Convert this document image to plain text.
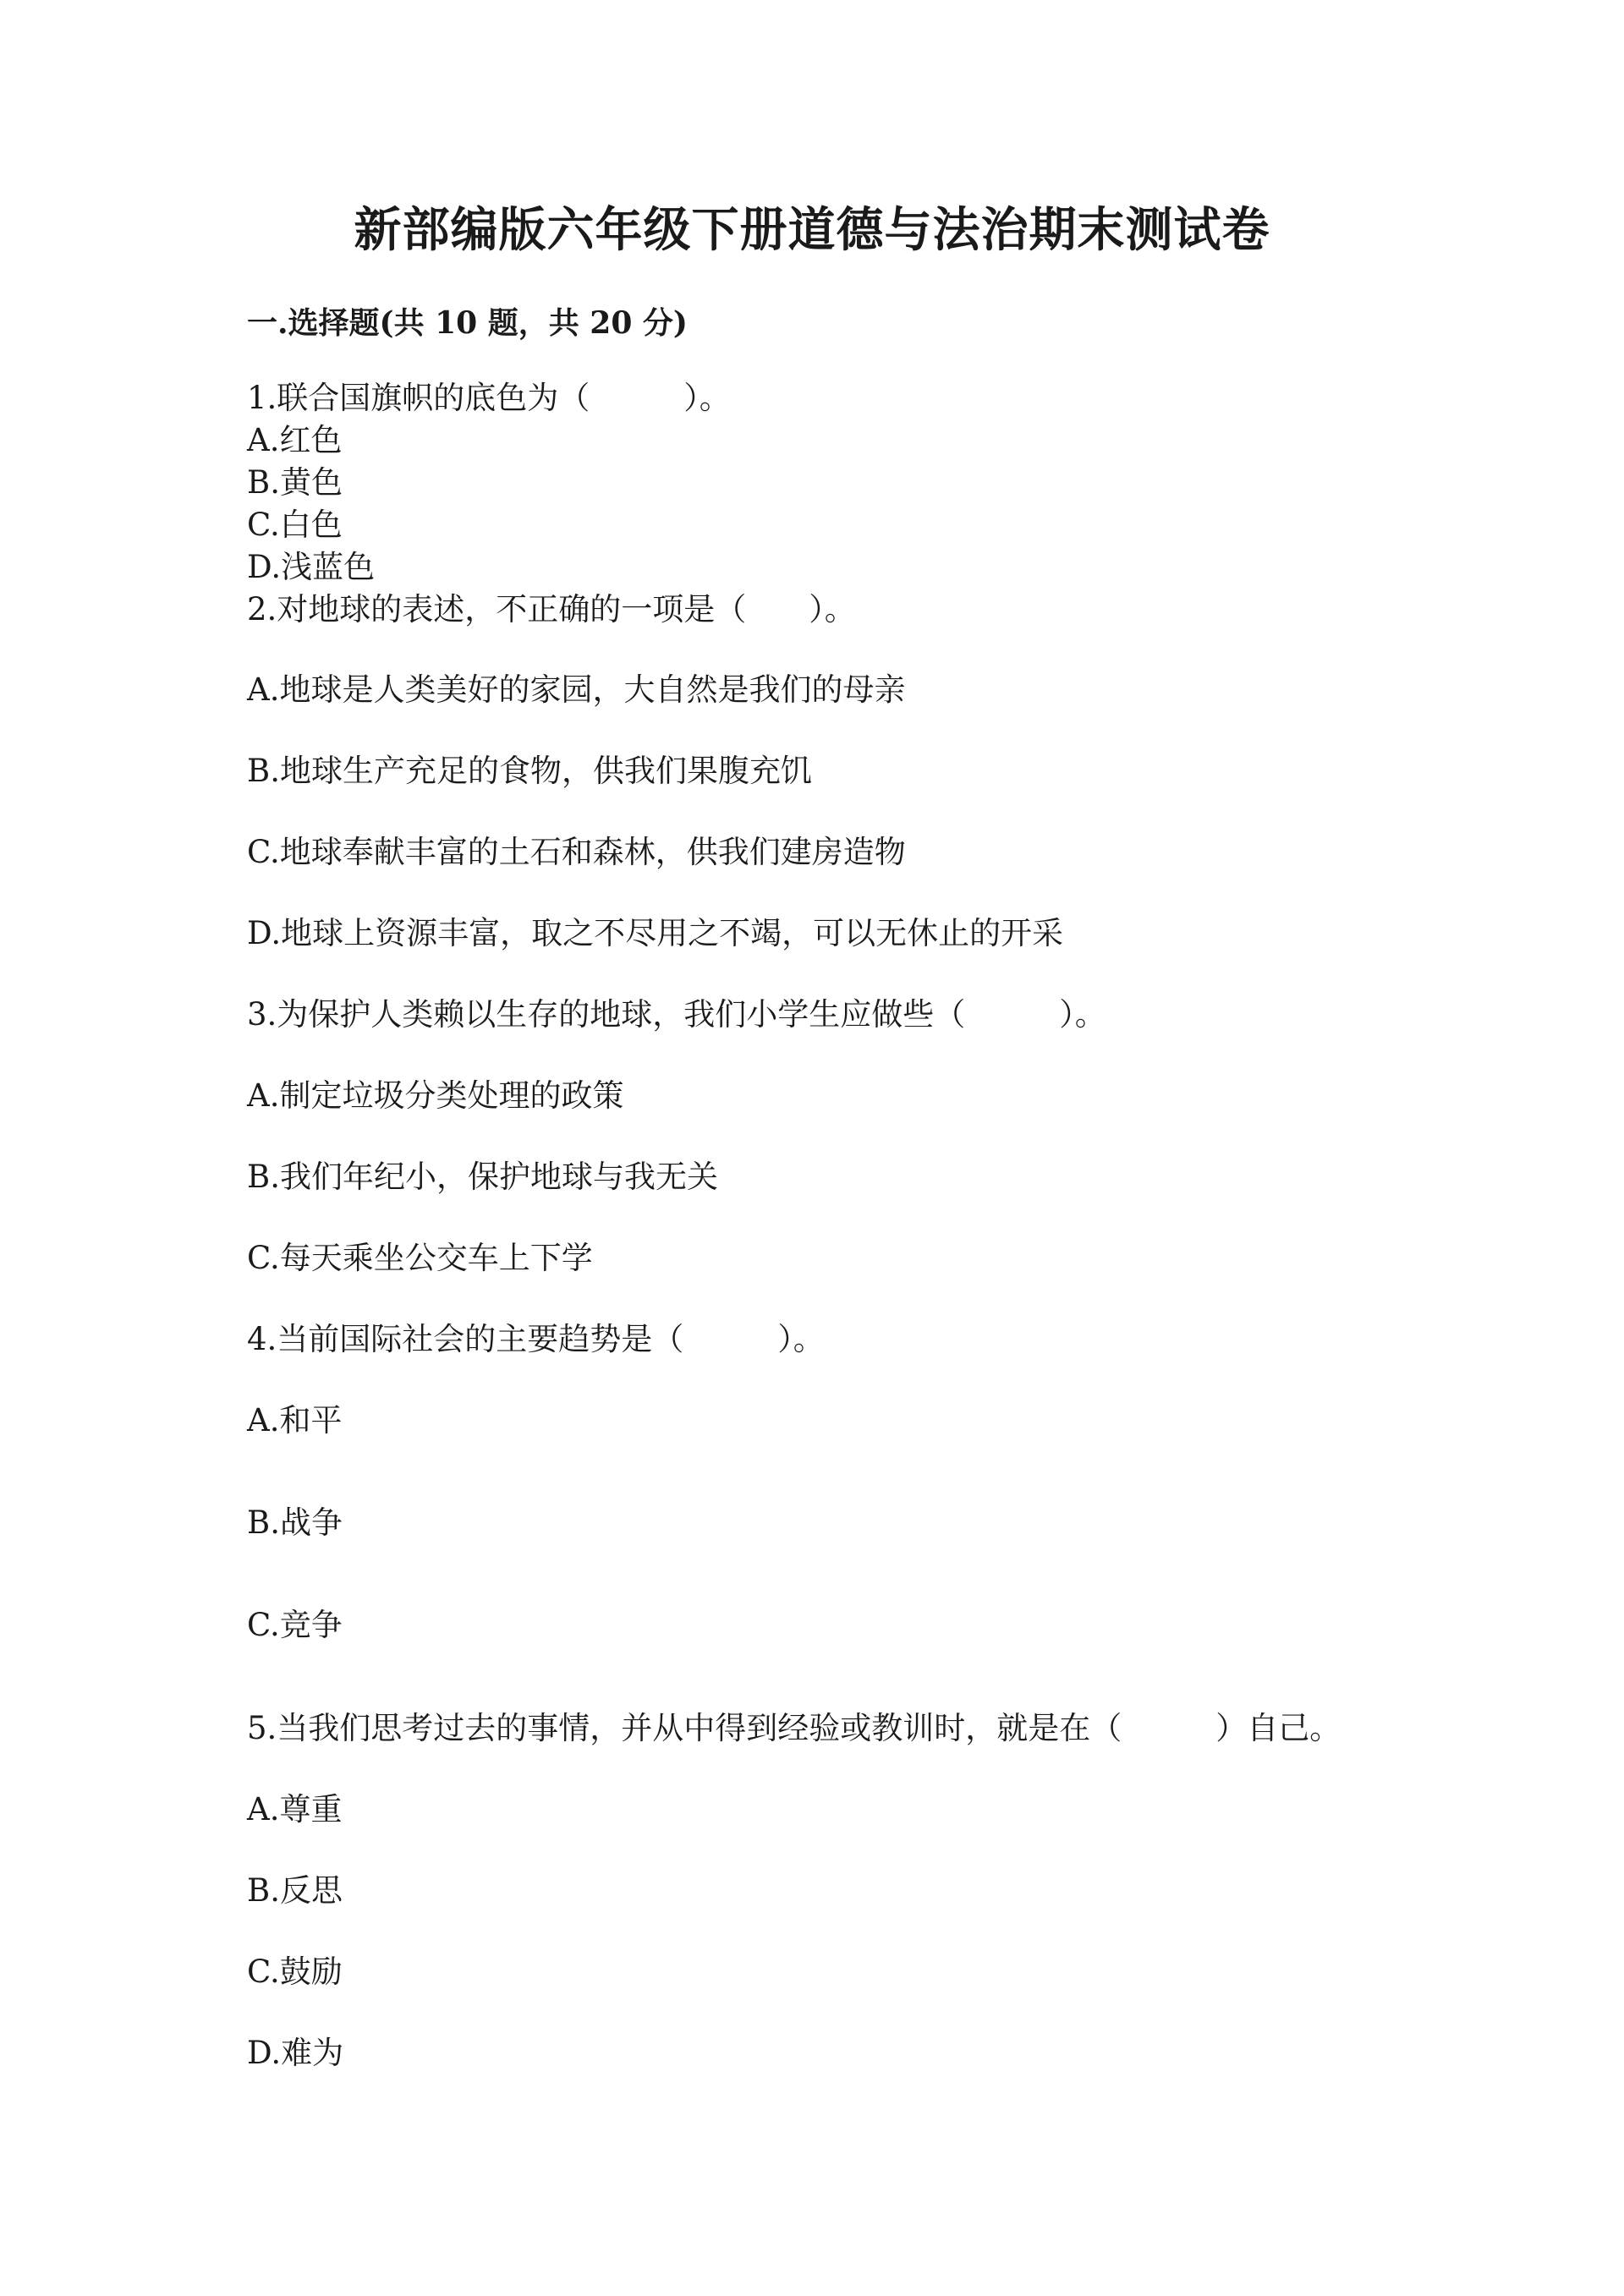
新部编版六年级下册道德与法治期末测试卷
一.选择题(共 10 题，共 20 分)
1.联合国旗帜的底色为（　　　）。
A.红色
B.黄色
C.白色
D.浅蓝色
2.对地球的表述，不正确的一项是（　　）。
A.地球是人类美好的家园，大自然是我们的母亲
B.地球生产充足的食物，供我们果腹充饥
C.地球奉献丰富的土石和森林，供我们建房造物
D.地球上资源丰富，取之不尽用之不竭，可以无休止的开采
3.为保护人类赖以生存的地球，我们小学生应做些（　　　）。
A.制定垃圾分类处理的政策
B.我们年纪小，保护地球与我无关
C.每天乘坐公交车上下学
4.当前国际社会的主要趋势是（　　　）。
A.和平
B.战争
C.竞争
5.当我们思考过去的事情，并从中得到经验或教训时，就是在（　　　）自己。
A.尊重
B.反思
C.鼓励
D.难为
